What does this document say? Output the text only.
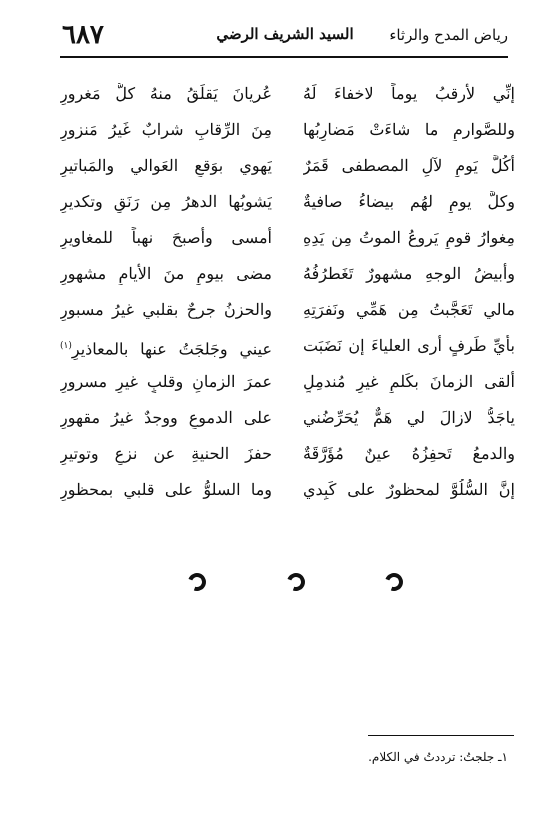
رياض المدح والرثاء
السيد الشريف الرضي
٦٨٧
إنِّي لأرقبُ يوماً لاخفاءَ لَهُ
عُريانَ يَقلَقُ منهُ كلُّ مَغرورِ
وللصَّوارمِ ما شاءَتْ مَضارِبُها
مِنَ الرِّقابِ شرابٌ غَيرُ مَنزورِ
أكُلَّ يَومٍ لآلِ المصطفى قَمَرٌ
يَهوي بوَقعِ العَوالي والمَباتيرِ
وكلَّ يومٍ لهُم بيضاءُ صافيةٌ
يَشوبُها الدهرُ مِن رَنَقٍ وتكديرِ
مِغوارُ قومٍ يَروعُ الموتُ مِن يَدِهِ
أمسى وأصبحَ نهباً للمغاويرِ
وأبيضُ الوجهِ مشهورٌ تَغَطرُفُهُ
مضى بيومٍ منَ الأيامِ مشهورِ
مالي تَعَجَّبتُ مِن هَمِّي ونَفرَتِهِ
والحزنُ جرحٌ بقلبي غيرُ مسبورِ
بأيِّ طَرفٍ أَرى العلياءَ إن نَضَبَت
عيني وجَلجَتُ عنها بالمعاذيرِ$^{(١)}$
أُلقى الزمانَ بكَلمٍ غيرِ مُندمِلٍ
عمرَ الزمانِ وقلبٍ غيرِ مسرورِ
ياجَدُّ لازالَ لي هَمٌّ يُحَرِّضُني
على الدموعِ ووجدٌ غيرُ مقهورِ
والدمعُ تَحفِزُهُ عينٌ مُؤَرَّقَةٌ
حفزَ الحنيةِ عن نزعٍ وتوتيرِ
إنَّ السُّلُوَّ لمحظورٌ على كَبِدي
وما السلوُّ على قلبي بمحظورِ
١ـ جلجتُ: ترددتُ في الكلام.
